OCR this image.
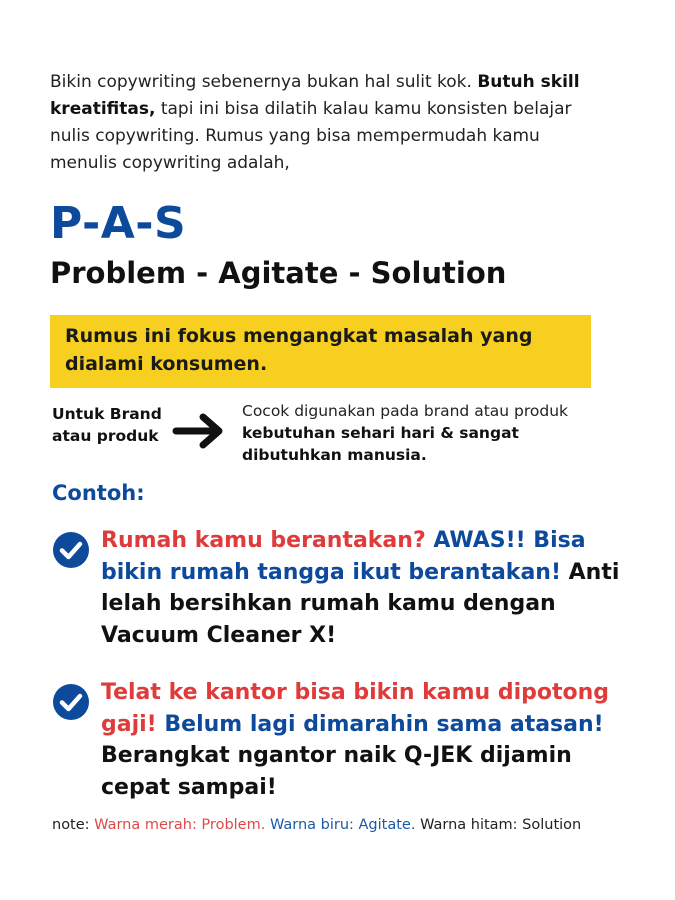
Bikin copywriting sebenernya bukan hal sulit kok. Butuh skill kreatifitas, tapi ini bisa dilatih kalau kamu konsisten belajar nulis copywriting. Rumus yang bisa mempermudah kamu menulis copywriting adalah,
P-A-S
Problem - Agitate - Solution
Rumus ini fokus mengangkat masalah yang dialami konsumen.
Untuk Brand atau produk
Cocok digunakan pada brand atau produk kebutuhan sehari hari & sangat dibutuhkan manusia.
Contoh:
Rumah kamu berantakan? AWAS!! Bisa bikin rumah tangga ikut berantakan! Anti lelah bersihkan rumah kamu dengan Vacuum Cleaner X!
Telat ke kantor bisa bikin kamu dipotong gaji! Belum lagi dimarahin sama atasan! Berangkat ngantor naik Q-JEK dijamin cepat sampai!
note: Warna merah: Problem. Warna biru: Agitate. Warna hitam: Solution
